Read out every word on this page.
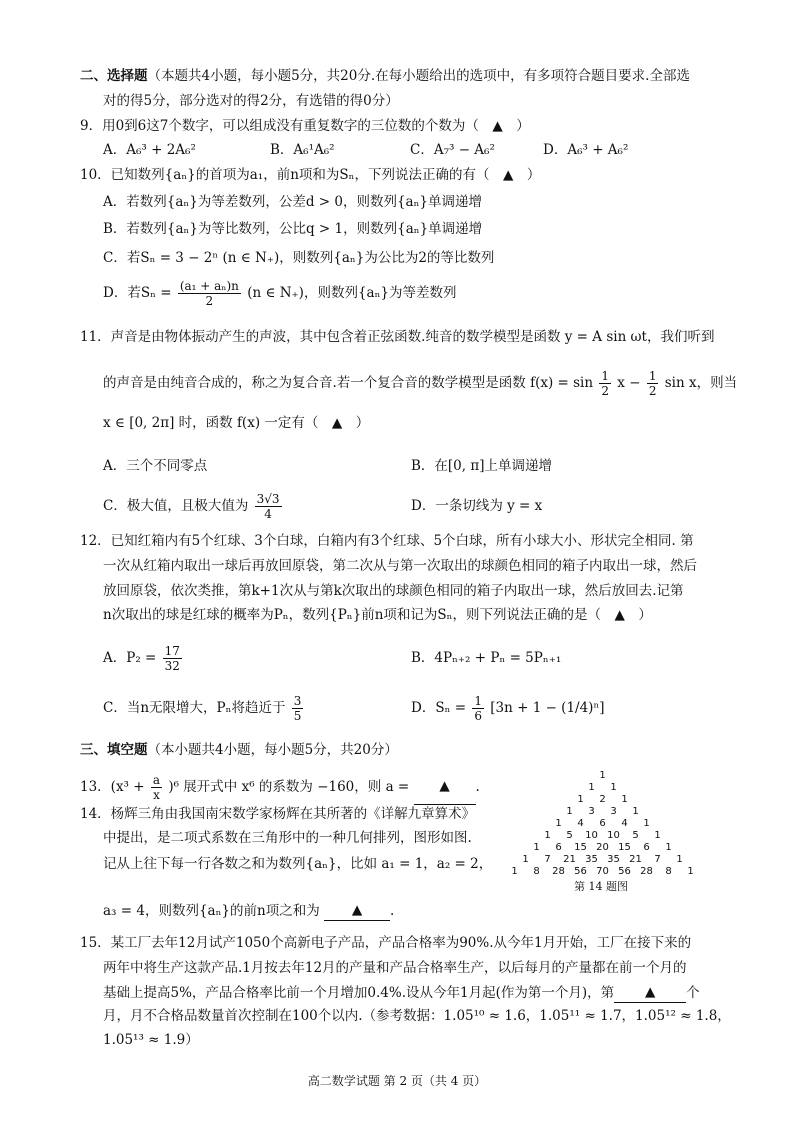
二、选择题（本题共4小题，每小题5分，共20分.在每小题给出的选项中，有多项符合题目要求.全部选
对的得5分，部分选对的得2分，有选错的得0分）
9．用0到6这7个数字，可以组成没有重复数字的三位数的个数为（　▲　）
A．A₆³ + 2A₆²	B．A₆¹A₆²	C．A₇³ − A₆²	D．A₆³ + A₆²
10．已知数列{aₙ}的首项为a₁，前n项和为Sₙ，下列说法正确的有（　▲　）
A．若数列{aₙ}为等差数列，公差d > 0，则数列{aₙ}单调递增
B．若数列{aₙ}为等比数列，公比q > 1，则数列{aₙ}单调递增
C．若Sₙ = 3 − 2ⁿ (n ∈ N₊)，则数列{aₙ}为公比为2的等比数列
D．若$S_n = \frac{\text{(a₁ + aₙ)n}}{2} (n$ ∈ N₊)，则数列{aₙ}为等差数列
11．声音是由物体振动产生的声波，其中包含着正弦函数.纯音的数学模型是函数 y = A sin ωt，我们听到
的声音是由纯音合成的，称之为复合音.若一个复合音的数学模型是函数 $f(x) = \sin \frac{1}{2}$ $x - \frac{1}{2}$ sin x，则当
x ∈ [0, 2π] 时，函数 f(x) 一定有（　▲　）
A．三个不同零点	B．在[0, π]上单调递增
C．极大值，且极大值为 $\frac{3√3}{4}$	D．一条切线为 y = x
12．已知红箱内有5个红球、3个白球，白箱内有3个红球、5个白球，所有小球大小、形状完全相同. 第
一次从红箱内取出一球后再放回原袋，第二次从与第一次取出的球颜色相同的箱子内取出一球，然后
放回原袋，依次类推，第k+1次从与第k次取出的球颜色相同的箱子内取出一球，然后放回去.记第
n次取出的球是红球的概率为Pₙ，数列{Pₙ}前n项和记为Sₙ，则下列说法正确的是（　▲　）
A．$P_2 = \frac{17}{32}$	B．4Pₙ₊₂ + Pₙ = 5Pₙ₊₁
C．当n无限增大，Pₙ将趋近于 $\frac{3}{5}$	D．$S_n = \frac{1}{6} [3n + 1 - (1/4)^n]$
三、填空题（本小题共4小题，每小题5分，共20分）
13．$(x^3 + \frac{a}{x} )^6$ 展开式中 x⁶ 的系数为 −160，则 a = ▲ .
14．杨辉三角由我国南宋数学家杨辉在其所著的《详解九章算术》
中提出，是二项式系数在三角形中的一种几何排列，图形如图.
记从上往下每一行各数之和为数列{aₙ}，比如 a₁ = 1，a₂ = 2，
a₃ = 4，则数列{aₙ}的前n项之和为 ▲ .
1
1 1
1 2 1
1 3 3 1
1 4 6 4 1
1 5 10 10 5 1
1 6 15 20 15 6 1
1 7 21 35 35 21 7 1
1 8 28 56 70 56 28 8 1
第 14 题图
15．某工厂去年12月试产1050个高新电子产品，产品合格率为90%.从今年1月开始，工厂在接下来的
两年中将生产这款产品.1月按去年12月的产量和产品合格率生产，以后每月的产量都在前一个月的
基础上提高5%，产品合格率比前一个月增加0.4%.设从今年1月起(作为第一个月)，第 ▲ 个
月，月不合格品数量首次控制在100个以内.（参考数据：1.05¹⁰ ≈ 1.6，1.05¹¹ ≈ 1.7，1.05¹² ≈ 1.8，
1.05¹³ ≈ 1.9）
高二数学试题 第 2 页（共 4 页）
